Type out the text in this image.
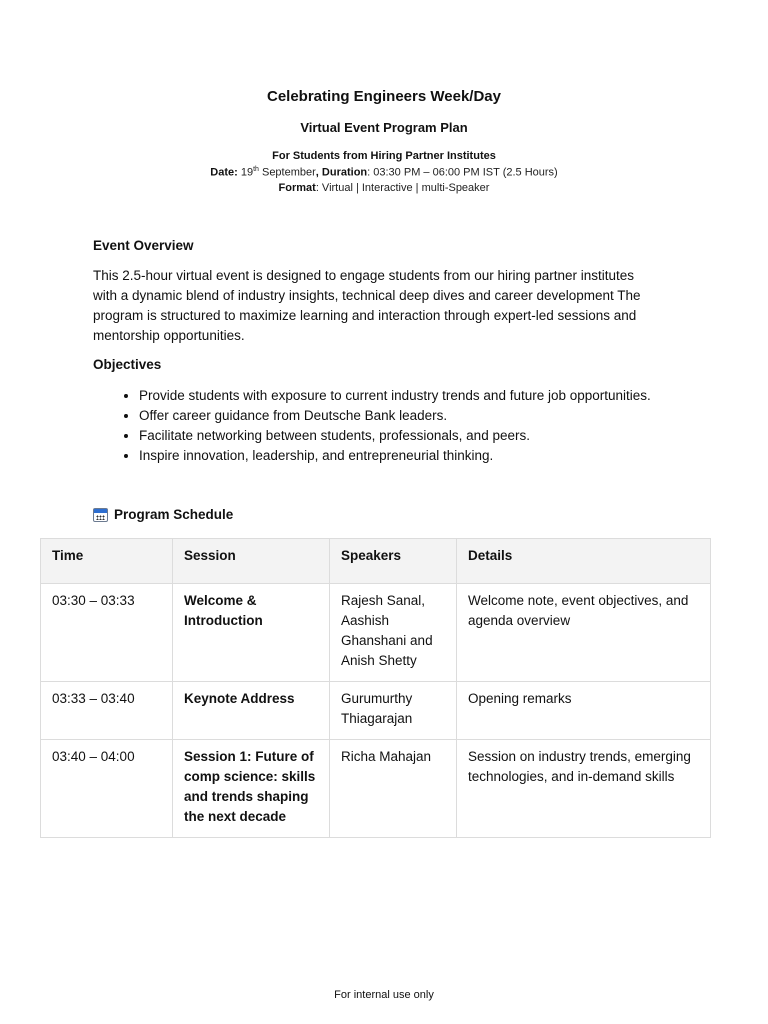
Celebrating Engineers Week/Day
Virtual Event Program Plan
For Students from Hiring Partner Institutes
Date: 19th September, Duration: 03:30 PM – 06:00 PM IST (2.5 Hours)
Format: Virtual | Interactive | multi-Speaker
Event Overview
This 2.5-hour virtual event is designed to engage students from our hiring partner institutes with a dynamic blend of industry insights, technical deep dives and career development The program is structured to maximize learning and interaction through expert-led sessions and mentorship opportunities.
Objectives
• Provide students with exposure to current industry trends and future job opportunities.
• Offer career guidance from Deutsche Bank leaders.
• Facilitate networking between students, professionals, and peers.
• Inspire innovation, leadership, and entrepreneurial thinking.
Program Schedule
Time	Session	Speakers	Details
03:30 – 03:33	Welcome & Introduction	Rajesh Sanal, Aashish Ghanshani and Anish Shetty	Welcome note, event objectives, and agenda overview
03:33 – 03:40	Keynote Address	Gurumurthy Thiagarajan	Opening remarks
03:40 – 04:00	Session 1: Future of comp science: skills and trends shaping the next decade	Richa Mahajan	Session on industry trends, emerging technologies, and in-demand skills
For internal use only
